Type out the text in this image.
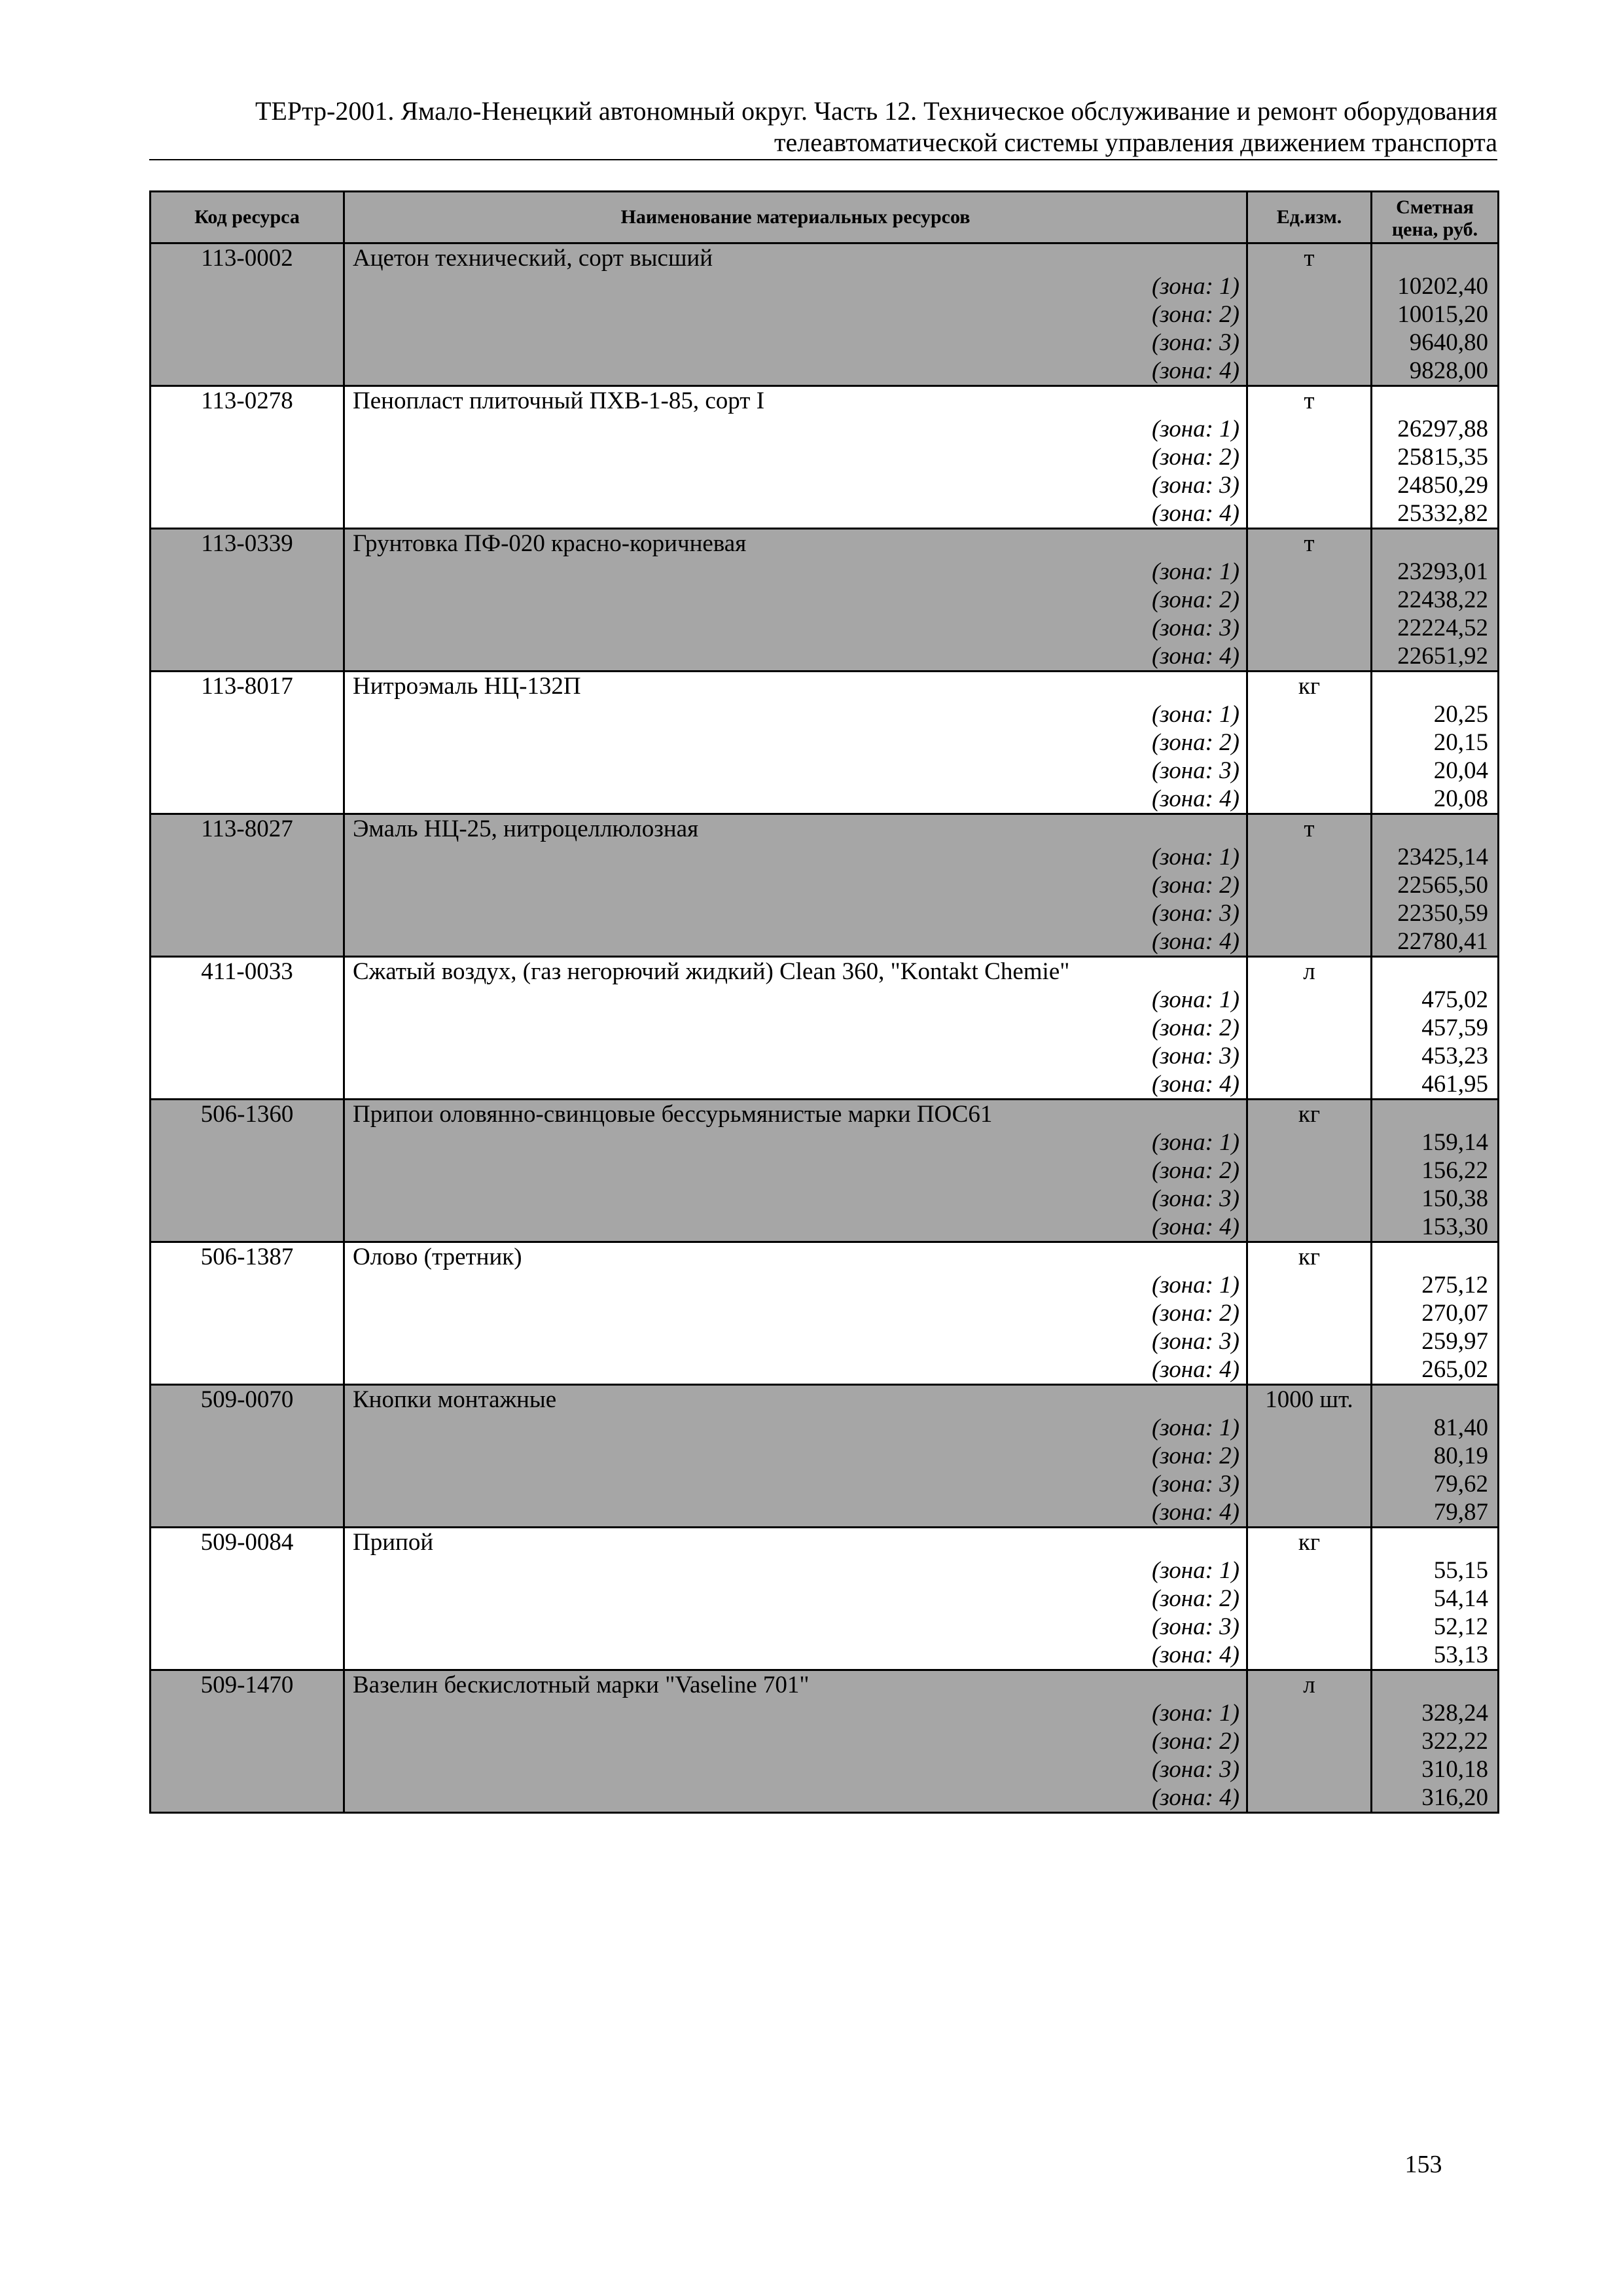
ТЕРтр-2001. Ямало-Ненецкий автономный округ. Часть 12. Техническое обслуживание и ремонт оборудования
телеавтоматической системы управления движением транспорта
Код ресурса	Наименование материальных ресурсов	Ед.изм.	Сметная
цена, руб.
113-0002	Ацетон технический, сорт высший	т	
	(зона: 1)		10202,40
	(зона: 2)		10015,20
	(зона: 3)		9640,80
	(зона: 4)		9828,00
113-0278	Пенопласт плиточный ПХВ-1-85, сорт I	т	
	(зона: 1)		26297,88
	(зона: 2)		25815,35
	(зона: 3)		24850,29
	(зона: 4)		25332,82
113-0339	Грунтовка ПФ-020 красно-коричневая	т	
	(зона: 1)		23293,01
	(зона: 2)		22438,22
	(зона: 3)		22224,52
	(зона: 4)		22651,92
113-8017	Нитроэмаль НЦ-132П	кг	
	(зона: 1)		20,25
	(зона: 2)		20,15
	(зона: 3)		20,04
	(зона: 4)		20,08
113-8027	Эмаль НЦ-25, нитроцеллюлозная	т	
	(зона: 1)		23425,14
	(зона: 2)		22565,50
	(зона: 3)		22350,59
	(зона: 4)		22780,41
411-0033	Сжатый воздух, (газ негорючий жидкий) Clean 360, "Kontakt Chemie"	л	
	(зона: 1)		475,02
	(зона: 2)		457,59
	(зона: 3)		453,23
	(зона: 4)		461,95
506-1360	Припои оловянно-свинцовые бессурьмянистые марки ПОС61	кг	
	(зона: 1)		159,14
	(зона: 2)		156,22
	(зона: 3)		150,38
	(зона: 4)		153,30
506-1387	Олово (третник)	кг	
	(зона: 1)		275,12
	(зона: 2)		270,07
	(зона: 3)		259,97
	(зона: 4)		265,02
509-0070	Кнопки монтажные	1000 шт.	
	(зона: 1)		81,40
	(зона: 2)		80,19
	(зона: 3)		79,62
	(зона: 4)		79,87
509-0084	Припой	кг	
	(зона: 1)		55,15
	(зона: 2)		54,14
	(зона: 3)		52,12
	(зона: 4)		53,13
509-1470	Вазелин бескислотный марки "Vaseline 701"	л	
	(зона: 1)		328,24
	(зона: 2)		322,22
	(зона: 3)		310,18
	(зона: 4)		316,20
153
